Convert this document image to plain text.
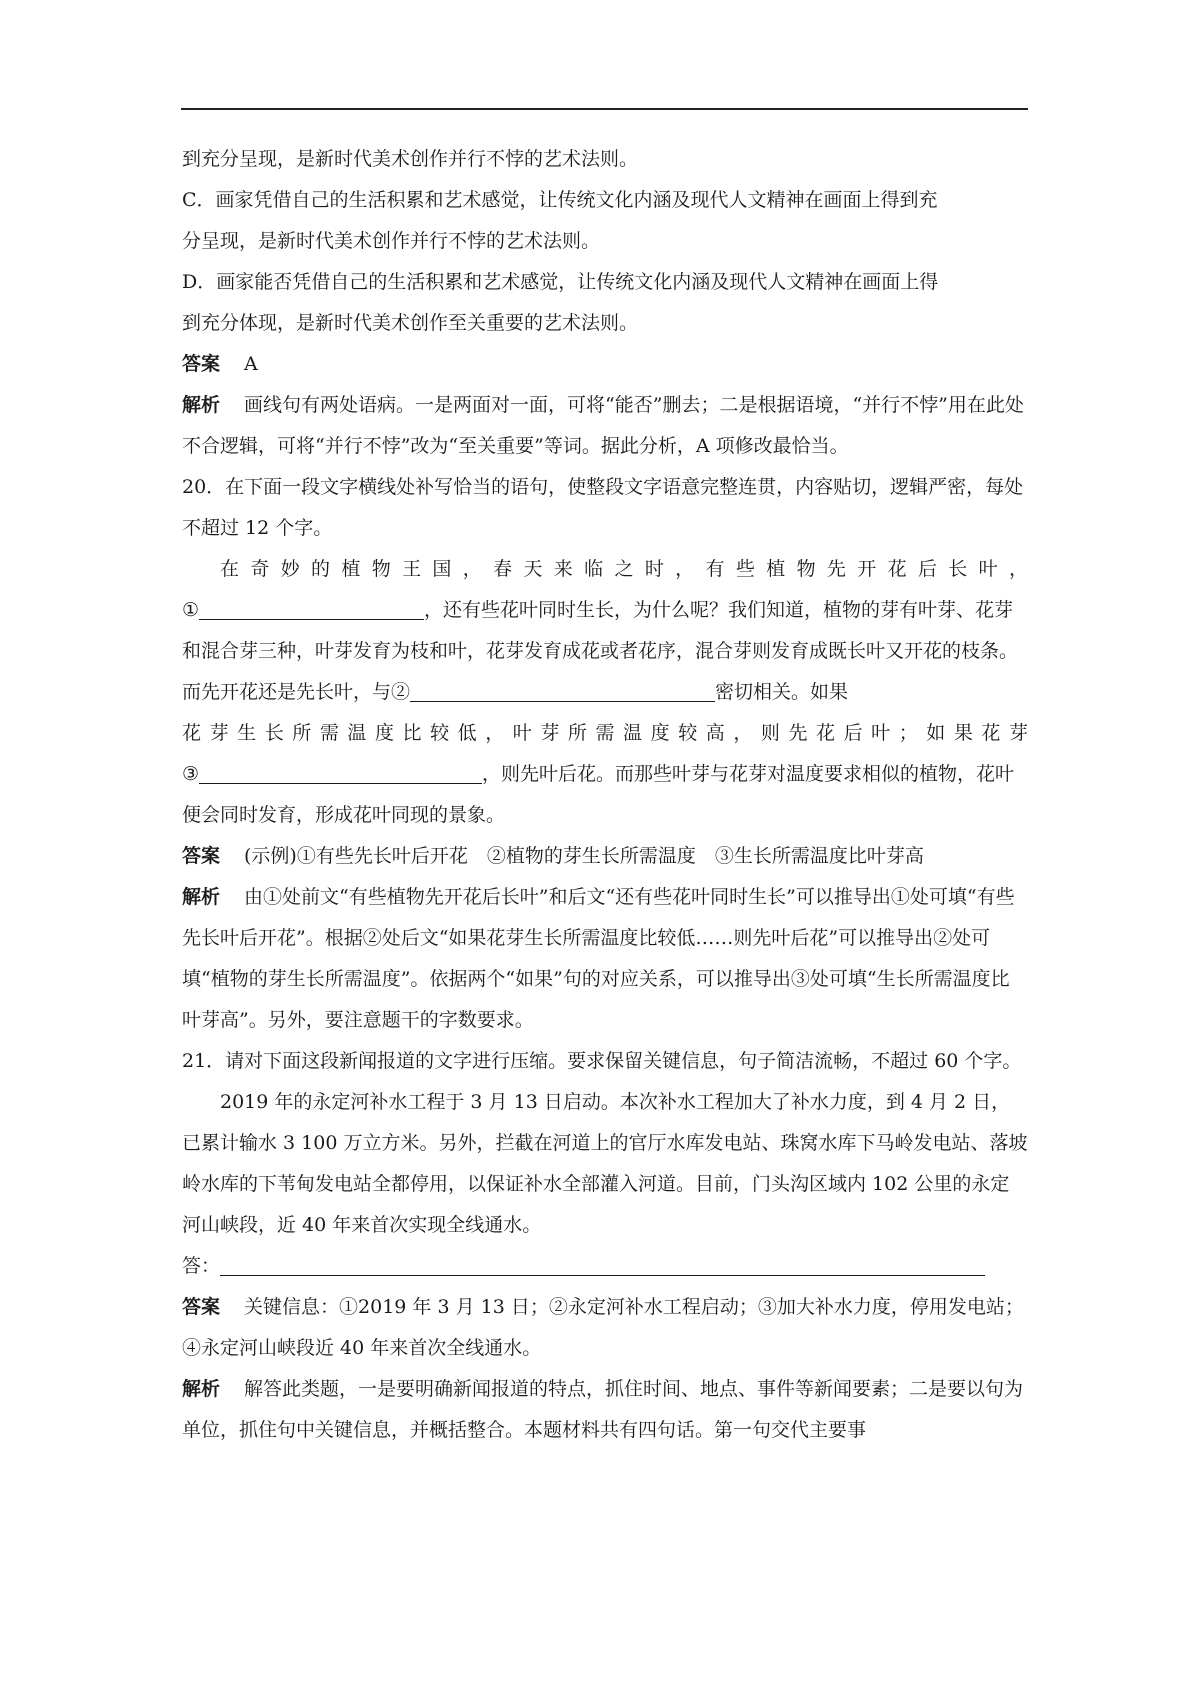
到充分呈现，是新时代美术创作并行不悖的艺术法则。

C．画家凭借自己的生活积累和艺术感觉，让传统文化内涵及现代人文精神在画面上得到充

分呈现，是新时代美术创作并行不悖的艺术法则。

D．画家能否凭借自己的生活积累和艺术感觉，让传统文化内涵及现代人文精神在画面上得

到充分体现，是新时代美术创作至关重要的艺术法则。

答案 A

解析 画线句有两处语病。一是两面对一面，可将“能否”删去；二是根据语境，“并行不悖”用在此处不合逻辑，可将“并行不悖”改为“至关重要”等词。据此分析，A 项修改最恰当。

20．在下面一段文字横线处补写恰当的语句，使整段文字语意完整连贯，内容贴切，逻辑严密，每处不超过 12 个字。

在奇妙的植物王国，春天来临之时，有些植物先开花后长叶，

①	，还有些花叶同时生长，为什么呢？我们知道，植物的芽有叶芽、花芽和混合芽三种，叶芽发育为枝和叶，花芽发育成花或者花序，混合芽则发育成既长叶又开花的枝条。而先开花还是先长叶，与②	密切相关。如果

花芽生长所需温度比较低，叶芽所需温度较高，则先花后叶；如果花芽

③	，则先叶后花。而那些叶芽与花芽对温度要求相似的植物，花叶便会同时发育，形成花叶同现的景象。

答案 (示例)①有些先长叶后开花　②植物的芽生长所需温度　③生长所需温度比叶芽高

解析 由①处前文“有些植物先开花后长叶”和后文“还有些花叶同时生长”可以推导出①处可填“有些先长叶后开花”。根据②处后文“如果花芽生长所需温度比较低……则先叶后花”可以推导出②处可填“植物的芽生长所需温度”。依据两个“如果”句的对应关系，可以推导出③处可填“生长所需温度比叶芽高”。另外，要注意题干的字数要求。

21．请对下面这段新闻报道的文字进行压缩。要求保留关键信息，句子简洁流畅，不超过 60 个字。

2019 年的永定河补水工程于 3 月 13 日启动。本次补水工程加大了补水力度，到 4 月 2 日，已累计输水 3 100 万立方米。另外，拦截在河道上的官厅水库发电站、珠窝水库下马岭发电站、落坡岭水库的下苇甸发电站全都停用，以保证补水全部灌入河道。目前，门头沟区域内 102 公里的永定河山峡段，近 40 年来首次实现全线通水。

答：

答案 关键信息：①2019 年 3 月 13 日；②永定河补水工程启动；③加大补水力度，停用发电站；④永定河山峡段近 40 年来首次全线通水。

解析 解答此类题，一是要明确新闻报道的特点，抓住时间、地点、事件等新闻要素；二是要以句为单位，抓住句中关键信息，并概括整合。本题材料共有四句话。第一句交代主要事
